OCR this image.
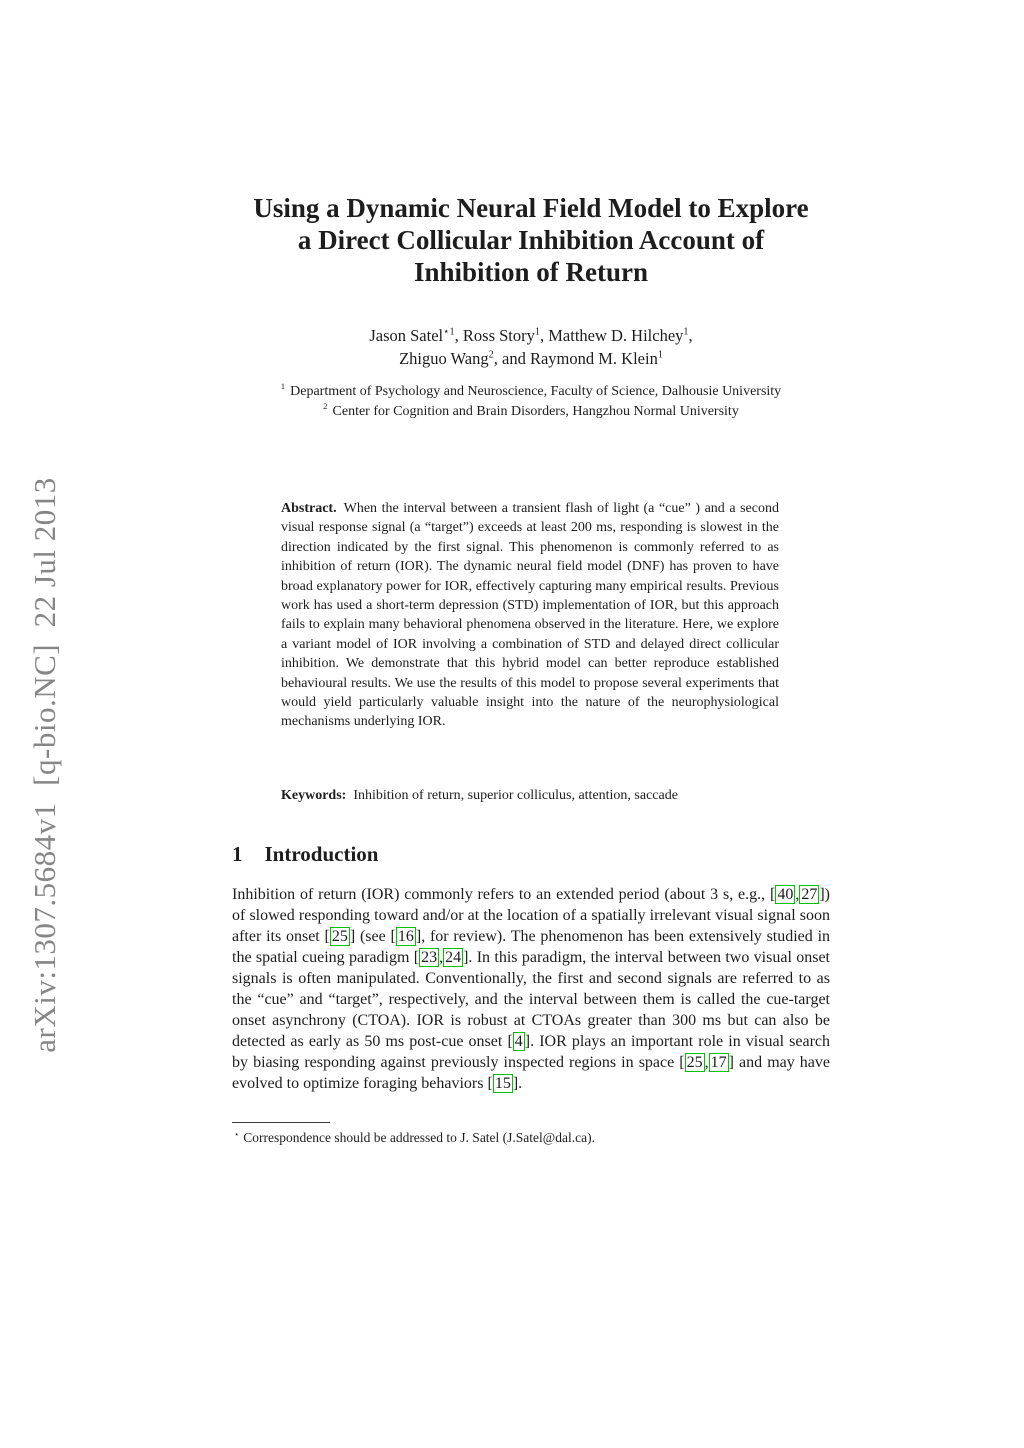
arXiv:1307.5684v1  [q-bio.NC]  22 Jul 2013
Using a Dynamic Neural Field Model to Explore
a Direct Collicular Inhibition Account of
Inhibition of Return
Jason Satel$^{⋆1}$, Ross Story$^1$, Matthew D. Hilchey$^1$,
Zhiguo Wang$^2$, and Raymond M. Klein$^1$
$^1$ Department of Psychology and Neuroscience, Faculty of Science, Dalhousie University
$^2$ Center for Cognition and Brain Disorders, Hangzhou Normal University
Abstract. When the interval between a transient flash of light (a “cue” ) and a second visual response signal (a “target”) exceeds at least 200 ms, responding is slowest in the direction indicated by the first signal. This phenomenon is commonly referred to as inhibition of return (IOR). The dynamic neural field model (DNF) has proven to have broad explanatory power for IOR, effectively capturing many empirical results. Previous work has used a short-term depression (STD) implementation of IOR, but this approach fails to explain many behavioral phenomena observed in the literature. Here, we explore a variant model of IOR involving a combination of STD and delayed direct collicular inhibition. We demonstrate that this hybrid model can better reproduce established behavioural results. We use the results of this model to propose several experiments that would yield particularly valuable insight into the nature of the neurophysiological mechanisms underlying IOR.
Keywords: Inhibition of return, superior colliculus, attention, saccade
1 Introduction
Inhibition of return (IOR) commonly refers to an extended period (about 3 s, e.g., [ 40 , 27 ]) of slowed responding toward and/or at the location of a spatially irrelevant visual signal soon after its onset [ 25 ] (see [ 16 ], for review). The phenomenon has been extensively studied in the spatial cueing paradigm [ 23 , 24 ]. In this paradigm, the interval between two visual onset signals is often manipulated. Conventionally, the first and second signals are referred to as the “cue” and “target”, respectively, and the interval between them is called the cue-target onset asynchrony (CTOA). IOR is robust at CTOAs greater than 300 ms but can also be detected as early as 50 ms post-cue onset [ 4 ]. IOR plays an important role in visual search by biasing responding against previously inspected regions in space [ 25 , 17 ] and may have evolved to optimize foraging behaviors [ 15 ].
⋆ Correspondence should be addressed to J. Satel (J.Satel@dal.ca).
